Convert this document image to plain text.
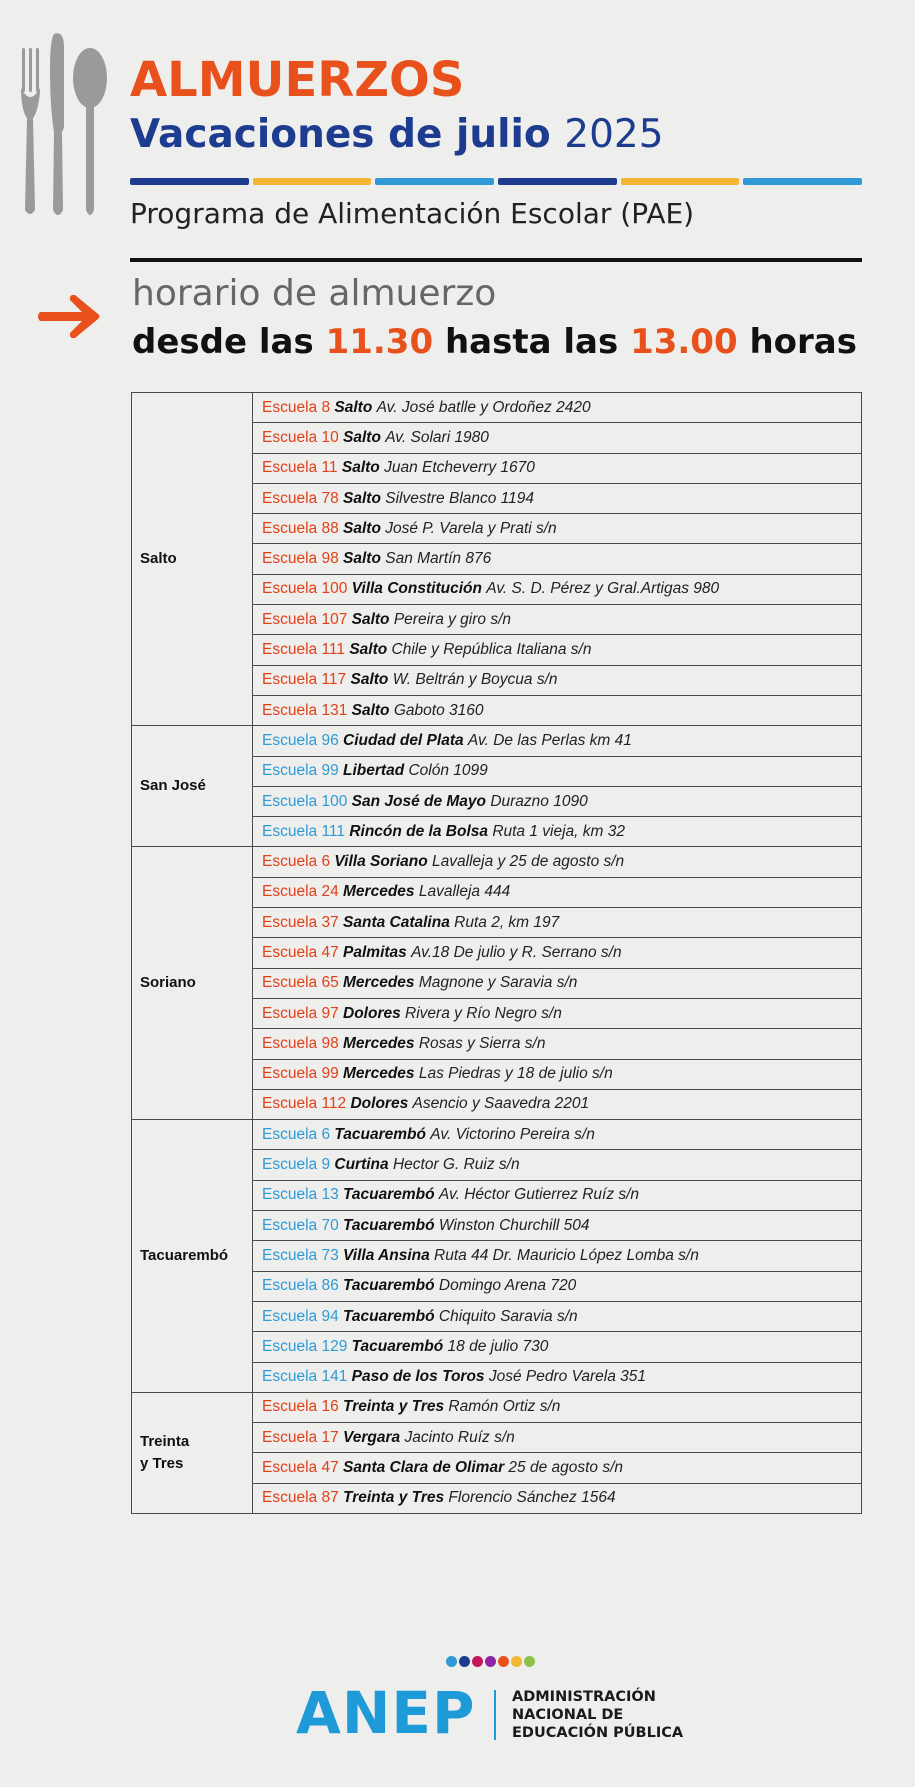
ALMUERZOS
Vacaciones de julio 2025
Programa de Alimentación Escolar (PAE)
horario de almuerzo
desde las 11.30 hasta las 13.00 horas
Salto	Escuela 8 Salto Av. José batlle y Ordoñez 2420
	Escuela 10 Salto Av. Solari 1980
	Escuela 11 Salto Juan Etcheverry 1670
	Escuela 78 Salto Silvestre Blanco 1194
	Escuela 88 Salto José P. Varela y Prati s/n
	Escuela 98 Salto San Martín 876
	Escuela 100 Villa Constitución Av. S. D. Pérez y Gral.Artigas 980
	Escuela 107 Salto Pereira y giro s/n
	Escuela 111 Salto Chile y República Italiana s/n
	Escuela 117 Salto W. Beltrán y Boycua s/n
	Escuela 131 Salto Gaboto 3160
San José	Escuela 96 Ciudad del Plata Av. De las Perlas km 41
	Escuela 99 Libertad Colón 1099
	Escuela 100 San José de Mayo Durazno 1090
	Escuela 111 Rincón de la Bolsa Ruta 1 vieja, km 32
Soriano	Escuela 6 Villa Soriano Lavalleja y 25 de agosto s/n
	Escuela 24 Mercedes Lavalleja 444
	Escuela 37 Santa Catalina Ruta 2, km 197
	Escuela 47 Palmitas Av.18 De julio y R. Serrano s/n
	Escuela 65 Mercedes Magnone y Saravia s/n
	Escuela 97 Dolores Rivera y Río Negro s/n
	Escuela 98 Mercedes Rosas y Sierra s/n
	Escuela 99 Mercedes Las Piedras y 18 de julio s/n
	Escuela 112 Dolores Asencio y Saavedra 2201
Tacuarembó	Escuela 6 Tacuarembó Av. Victorino Pereira s/n
	Escuela 9 Curtina Hector G. Ruiz s/n
	Escuela 13 Tacuarembó Av. Héctor Gutierrez Ruíz s/n
	Escuela 70 Tacuarembó Winston Churchill 504
	Escuela 73 Villa Ansina Ruta 44 Dr. Mauricio López Lomba s/n
	Escuela 86 Tacuarembó Domingo Arena 720
	Escuela 94 Tacuarembó Chiquito Saravia s/n
	Escuela 129 Tacuarembó 18 de julio 730
	Escuela 141 Paso de los Toros José Pedro Varela 351

Treinta
y Tres	Escuela 16 Treinta y Tres Ramón Ortiz s/n
	Escuela 17 Vergara Jacinto Ruíz s/n
	Escuela 47 Santa Clara de Olimar 25 de agosto s/n
	Escuela 87 Treinta y Tres Florencio Sánchez 1564
ANEP	ADMINISTRACIÓN
NACIONAL DE
EDUCACIÓN PÚBLICA
